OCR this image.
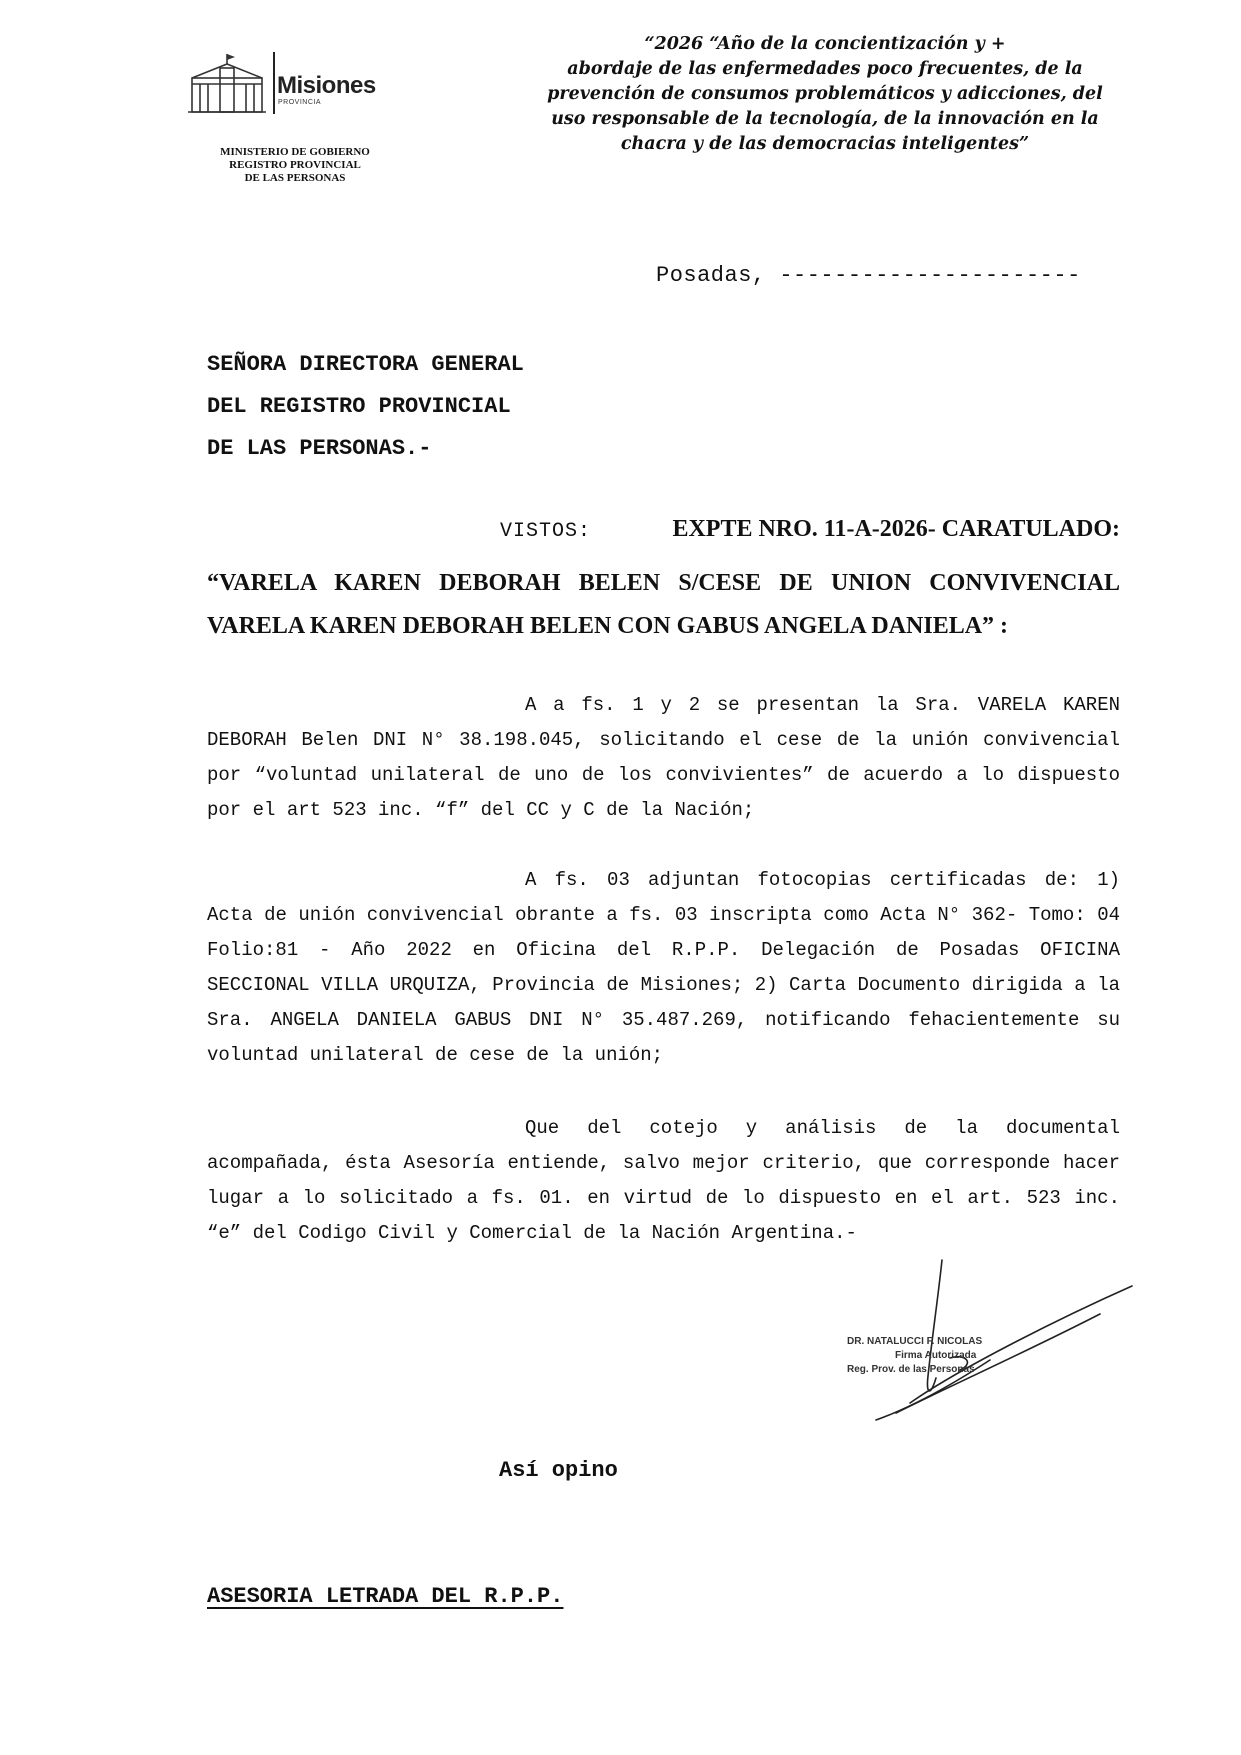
Misiones
PROVINCIA
MINISTERIO DE GOBIERNO
REGISTRO PROVINCIAL
DE LAS PERSONAS
“2026 “Año de la concientización y +
abordaje de las enfermedades poco frecuentes, de la
prevención de consumos problemáticos y adicciones, del
uso responsable de la tecnología, de la innovación en la
chacra y de las democracias inteligentes”
Posadas, ----------------------
SEÑORA DIRECTORA GENERAL
DEL REGISTRO PROVINCIAL
DE LAS PERSONAS.-
VISTOS:	EXPTE NRO. 11-A-2026- CARATULADO:
“VARELA KAREN DEBORAH BELEN S/CESE DE UNION CONVIVENCIAL
VARELA KAREN DEBORAH BELEN CON GABUS ANGELA DANIELA” :
A a fs. 1 y 2 se presentan la Sra. VARELA KAREN DEBORAH Belen DNI N° 38.198.045, solicitando el cese de la unión convivencial por “voluntad unilateral de uno de los convivientes” de acuerdo a lo dispuesto por el art 523 inc. “f” del CC y C de la Nación;
A fs. 03 adjuntan fotocopias certificadas de: 1) Acta de unión convivencial obrante a fs. 03 inscripta como Acta N° 362- Tomo: 04 Folio:81 - Año 2022 en Oficina del R.P.P. Delegación de Posadas OFICINA SECCIONAL VILLA URQUIZA, Provincia de Misiones; 2) Carta Documento dirigida a la Sra. ANGELA DANIELA GABUS DNI N° 35.487.269, notificando fehacientemente su voluntad unilateral de cese de la unión;
Que del cotejo y análisis de la documental acompañada, ésta Asesoría entiende, salvo mejor criterio, que corresponde hacer lugar a lo solicitado a fs. 01. en virtud de lo dispuesto en el art. 523 inc. “e” del Codigo Civil y Comercial de la Nación Argentina.-
DR. NATALUCCI F. NICOLAS
Firma Autorizada
Reg. Prov. de las Personas
Así opino
ASESORIA LETRADA DEL R.P.P.
